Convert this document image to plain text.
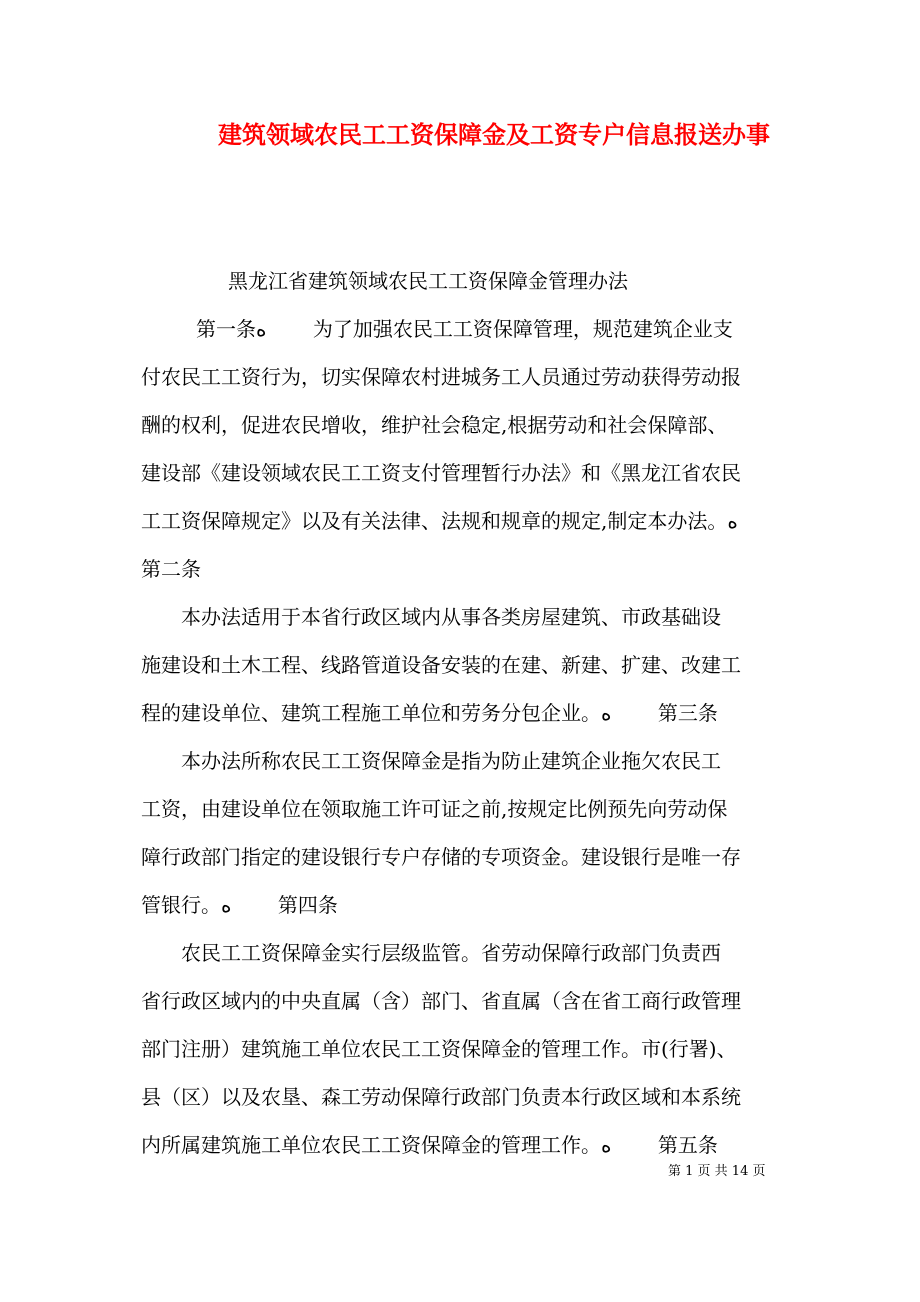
建筑领域农民工工资保障金及工资专户信息报送办事
黑龙江省建筑领域农民工工资保障金管理办法
第一条ﻩ　　 为了加强农民工工资保障管理，规范建筑企业支
付农民工工资行为，切实保障农村进城务工人员通过劳动获得劳动报
酬的权利，促进农民增收，维护社会稳定,根据劳动和社会保障部、
建设部《建设领域农民工工资支付管理暂行办法》和《黑龙江省农民
工工资保障规定》以及有关法律、法规和规章的规定,制定本办法。ﻩ
第二条
　　本办法适用于本省行政区域内从事各类房屋建筑、市政基础设
施建设和土木工程、线路管道设备安装的在建、新建、扩建、改建工
程的建设单位、建筑工程施工单位和劳务分包企业。ﻩ　　 第三条
　　本办法所称农民工工资保障金是指为防止建筑企业拖欠农民工
工资，由建设单位在领取施工许可证之前,按规定比例预先向劳动保
障行政部门指定的建设银行专户存储的专项资金。建设银行是唯一存
管银行。ﻩ　　 第四条
　　农民工工资保障金实行层级监管。省劳动保障行政部门负责西
省行政区域内的中央直属（含）部门、省直属（含在省工商行政管理
部门注册）建筑施工单位农民工工资保障金的管理工作。市(行署)、
县（区）以及农垦、森工劳动保障行政部门负责本行政区域和本系统
内所属建筑施工单位农民工工资保障金的管理工作。ﻩ　　 第五条
第 1 页 共 14 页
